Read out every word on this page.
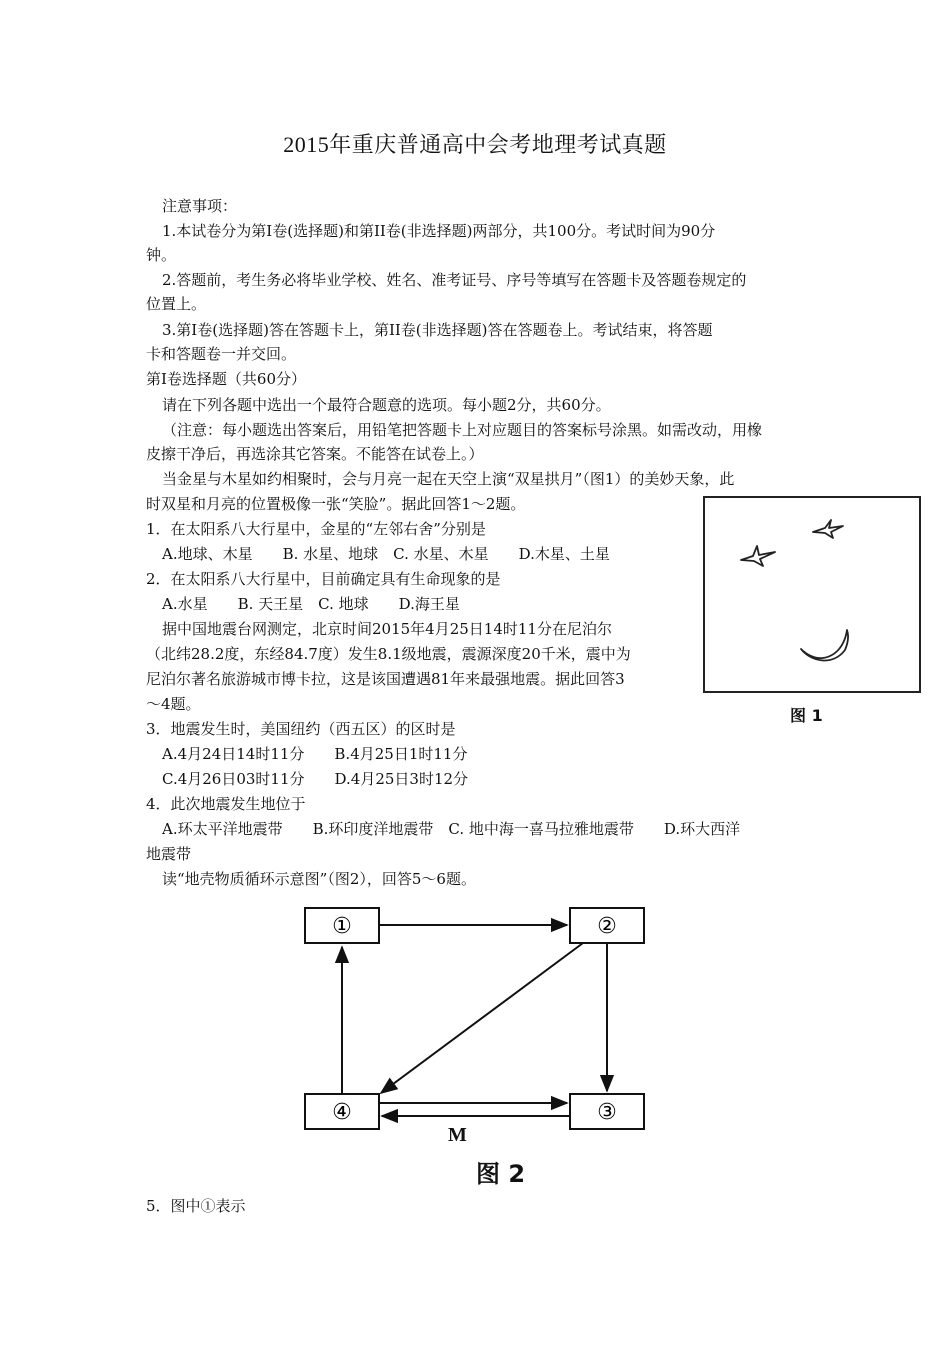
2015年重庆普通高中会考地理考试真题
注意事项：
1.本试卷分为第Ⅰ卷(选择题)和第II卷(非选择题)两部分，共100分。考试时间为90分
钟。
2.答题前，考生务必将毕业学校、姓名、准考证号、序号等填写在答题卡及答题卷规定的
位置上。
3.第Ⅰ卷(选择题)答在答题卡上，第II卷(非选择题)答在答题卷上。考试结束，将答题
卡和答题卷一并交回。
第Ⅰ卷选择题（共60分）
请在下列各题中选出一个最符合题意的选项。每小题2分，共60分。
（注意：每小题选出答案后，用铅笔把答题卡上对应题目的答案标号涂黑。如需改动，用橡
皮擦干净后，再选涂其它答案。不能答在试卷上。）
当金星与木星如约相聚时，会与月亮一起在天空上演“双星拱月”（图1）的美妙天象，此
时双星和月亮的位置极像一张“笑脸”。据此回答1～2题。
1．在太阳系八大行星中，金星的“左邻右舍”分别是
A.地球、木星　　B. 水星、地球　C. 水星、木星　　D.木星、土星
2．在太阳系八大行星中，目前确定具有生命现象的是
A.水星　　B. 天王星　C. 地球　　D.海王星
据中国地震台网测定，北京时间2015年4月25日14时11分在尼泊尔
（北纬28.2度，东经84.7度）发生8.1级地震，震源深度20千米，震中为
尼泊尔著名旅游城市博卡拉，这是该国遭遇81年来最强地震。据此回答3
～4题。
3．地震发生时，美国纽约（西五区）的区时是
A.4月24日14时11分　　B.4月25日1时11分
C.4月26日03时11分　　D.4月25日3时12分
4．此次地震发生地位于
A.环太平洋地震带　　B.环印度洋地震带　C. 地中海一喜马拉雅地震带　　D.环大西洋
地震带
读“地壳物质循环示意图”（图2），回答5～6题。
图 1
①	②
③
④
M
图 2
5．图中①表示
